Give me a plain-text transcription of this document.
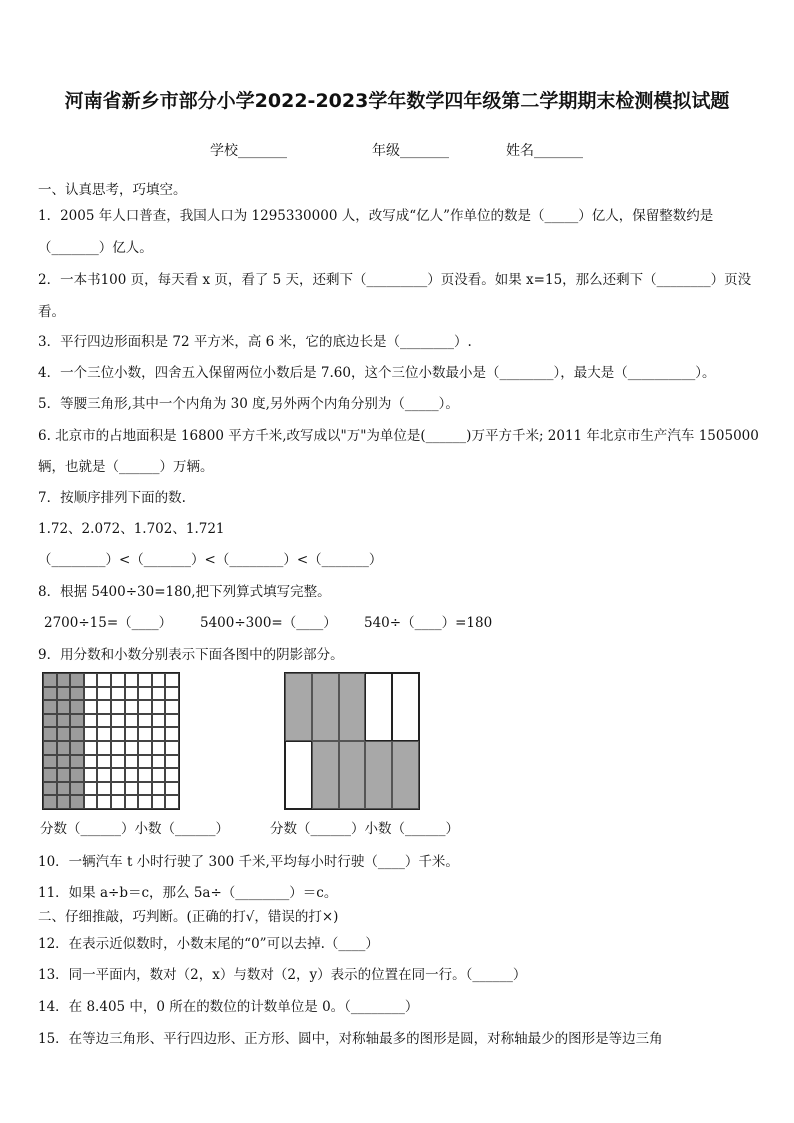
河南省新乡市部分小学2022-2023学年数学四年级第二学期期末检测模拟试题
学校_______	年级_______	姓名_______
一、认真思考，巧填空。
1．2005 年人口普查，我国人口为 1295330000 人，改写成“亿人”作单位的数是（_____）亿人，保留整数约是
（_______）亿人。
2．一本书100 页，每天看 x 页，看了 5 天，还剩下（_________）页没看。如果 x=15，那么还剩下（________）页没
看。
3．平行四边形面积是 72 平方米，高 6 米，它的底边长是（________）.
4．一个三位小数，四舍五入保留两位小数后是 7.60，这个三位小数最小是（________），最大是（__________）。
5．等腰三角形,其中一个内角为 30 度,另外两个内角分别为（_____）。
6. 北京市的占地面积是 16800 平方千米,改写成以"万"为单位是(______)万平方千米; 2011 年北京市生产汽车 1505000
辆，也就是（______）万辆。
7．按顺序排列下面的数.
1.72、2.072、1.702、1.721
（________）<（_______）<（________）<（_______）
8．根据 5400÷30=180,把下列算式填写完整。
2700÷15=（____） 5400÷300=（____） 540÷（____）=180
9．用分数和小数分别表示下面各图中的阴影部分。
分数（______）小数（______）	分数（______）小数（______）
10．一辆汽车 t 小时行驶了 300 千米,平均每小时行驶（____）千米。
11．如果 a÷b＝c，那么 5a÷（________）＝c。
二、仔细推敲，巧判断。(正确的打√，错误的打×)
12．在表示近似数时，小数末尾的“0”可以去掉.（____）
13．同一平面内，数对（2，x）与数对（2，y）表示的位置在同一行。（______）
14．在 8.405 中，0 所在的数位的计数单位是 0。（________）
15．在等边三角形、平行四边形、正方形、圆中，对称轴最多的图形是圆，对称轴最少的图形是等边三角
